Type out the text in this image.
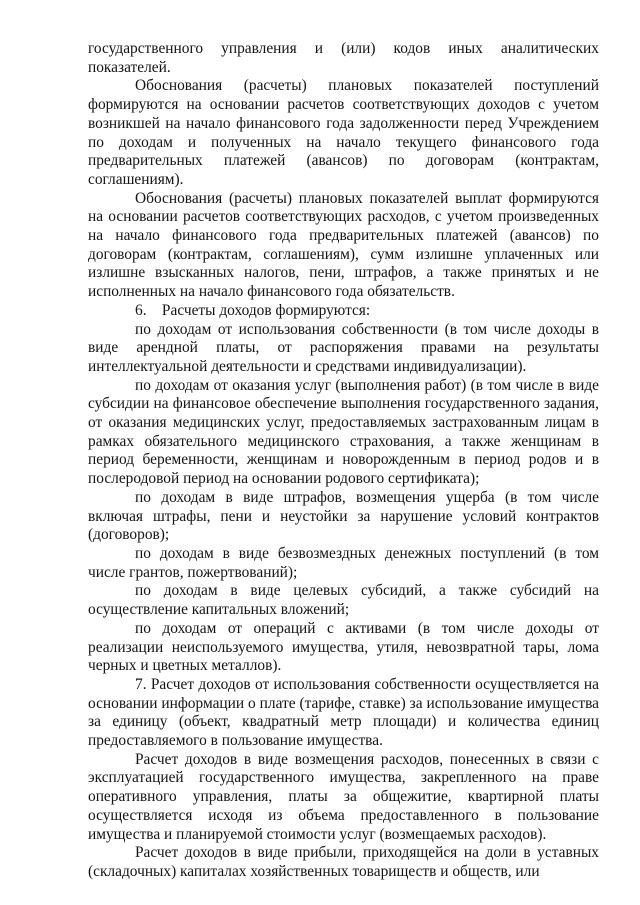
государственного управления и (или) кодов иных аналитических показателей.

Обоснования (расчеты) плановых показателей поступлений формируются на основании расчетов соответствующих доходов с учетом возникшей на начало финансового года задолженности перед Учреждением по доходам и полученных на начало текущего финансового года предварительных платежей (авансов) по договорам (контрактам, соглашениям).

Обоснования (расчеты) плановых показателей выплат формируются на основании расчетов соответствующих расходов, с учетом произведенных на начало финансового года предварительных платежей (авансов) по договорам (контрактам, соглашениям), сумм излишне уплаченных или излишне взысканных налогов, пени, штрафов, а также принятых и не исполненных на начало финансового года обязательств.

6.    Расчеты доходов формируются:

по доходам от использования собственности (в том числе доходы в виде арендной платы, от распоряжения правами на результаты интеллектуальной деятельности и средствами индивидуализации).

по доходам от оказания услуг (выполнения работ) (в том числе в виде субсидии на финансовое обеспечение выполнения государственного задания, от оказания медицинских услуг, предоставляемых застрахованным лицам в рамках обязательного медицинского страхования, а также женщинам в период беременности, женщинам и новорожденным в период родов и в послеродовой период на основании родового сертификата);

по доходам в виде штрафов, возмещения ущерба (в том числе включая штрафы, пени и неустойки за нарушение условий контрактов (договоров);

по доходам в виде безвозмездных денежных поступлений (в том числе грантов, пожертвований);

по доходам в виде целевых субсидий, а также субсидий на осуществление капитальных вложений;

по доходам от операций с активами (в том числе доходы от реализации неиспользуемого имущества, утиля, невозвратной тары, лома черных и цветных металлов).

7. Расчет доходов от использования собственности осуществляется на основании информации о плате (тарифе, ставке) за использование имущества за единицу (объект, квадратный метр площади) и количества единиц предоставляемого в пользование имущества.

Расчет доходов в виде возмещения расходов, понесенных в связи с эксплуатацией государственного имущества, закрепленного на праве оперативного управления, платы за общежитие, квартирной платы осуществляется исходя из объема предоставленного в пользование имущества и планируемой стоимости услуг (возмещаемых расходов).

Расчет доходов в виде прибыли, приходящейся на доли в уставных (складочных) капиталах хозяйственных товариществ и обществ, или
